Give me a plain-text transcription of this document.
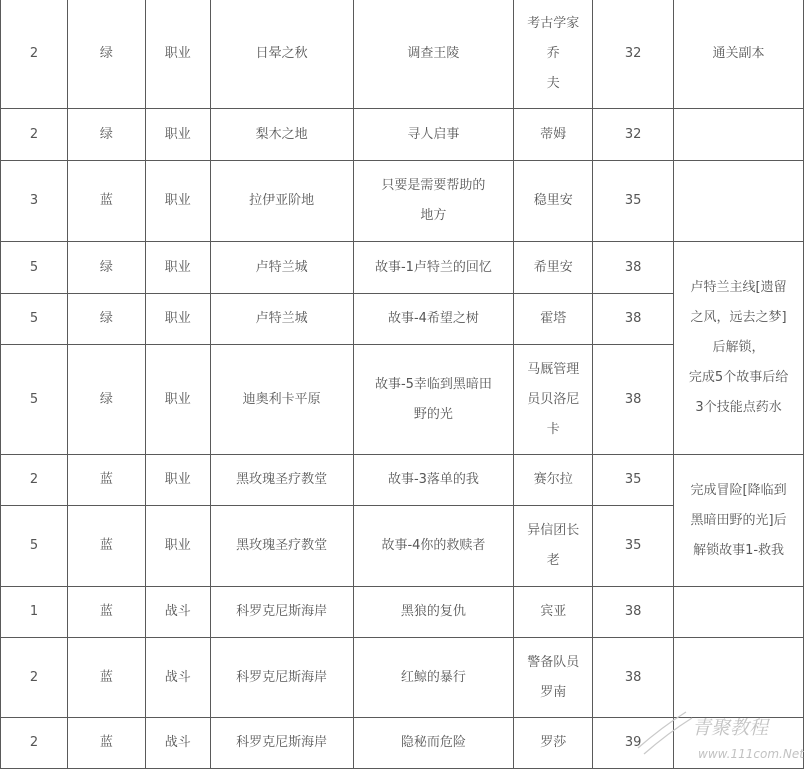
2	绿	职业	日晕之秋	调查王陵	考古学家
乔
夫	32	通关副本

2	绿	职业	梨木之地	寻人启事	蒂姆	32	

3	蓝	职业	拉伊亚阶地	只要是需要帮助的
地方	稳里安	35	

5	绿	职业	卢特兰城	故事-1卢特兰的回忆	希里安	38	卢特兰主线[遗留
之风，远去之梦]
后解锁，
完成5个故事后给
3个技能点药水

5	绿	职业	卢特兰城	故事-4希望之树	霍塔	38	

5	绿	职业	迪奥利卡平原	故事-5幸临到黑暗田
野的光	马厩管理
员贝洛尼
卡	38	

2	蓝	职业	黑玫瑰圣疗教堂	故事-3落单的我	赛尔拉	35	完成冒险[降临到
黑暗田野的光]后
解锁故事1-救我

5	蓝	职业	黑玫瑰圣疗教堂	故事-4你的救赎者	异信团长
老	35	

1	蓝	战斗	科罗克尼斯海岸	黑狼的复仇	宾亚	38	

2	蓝	战斗	科罗克尼斯海岸	红鲸的暴行	警备队员
罗南	38	

2	蓝	战斗	科罗克尼斯海岸	隐秘而危险	罗莎	39	

青聚教程
www.111com.Net
